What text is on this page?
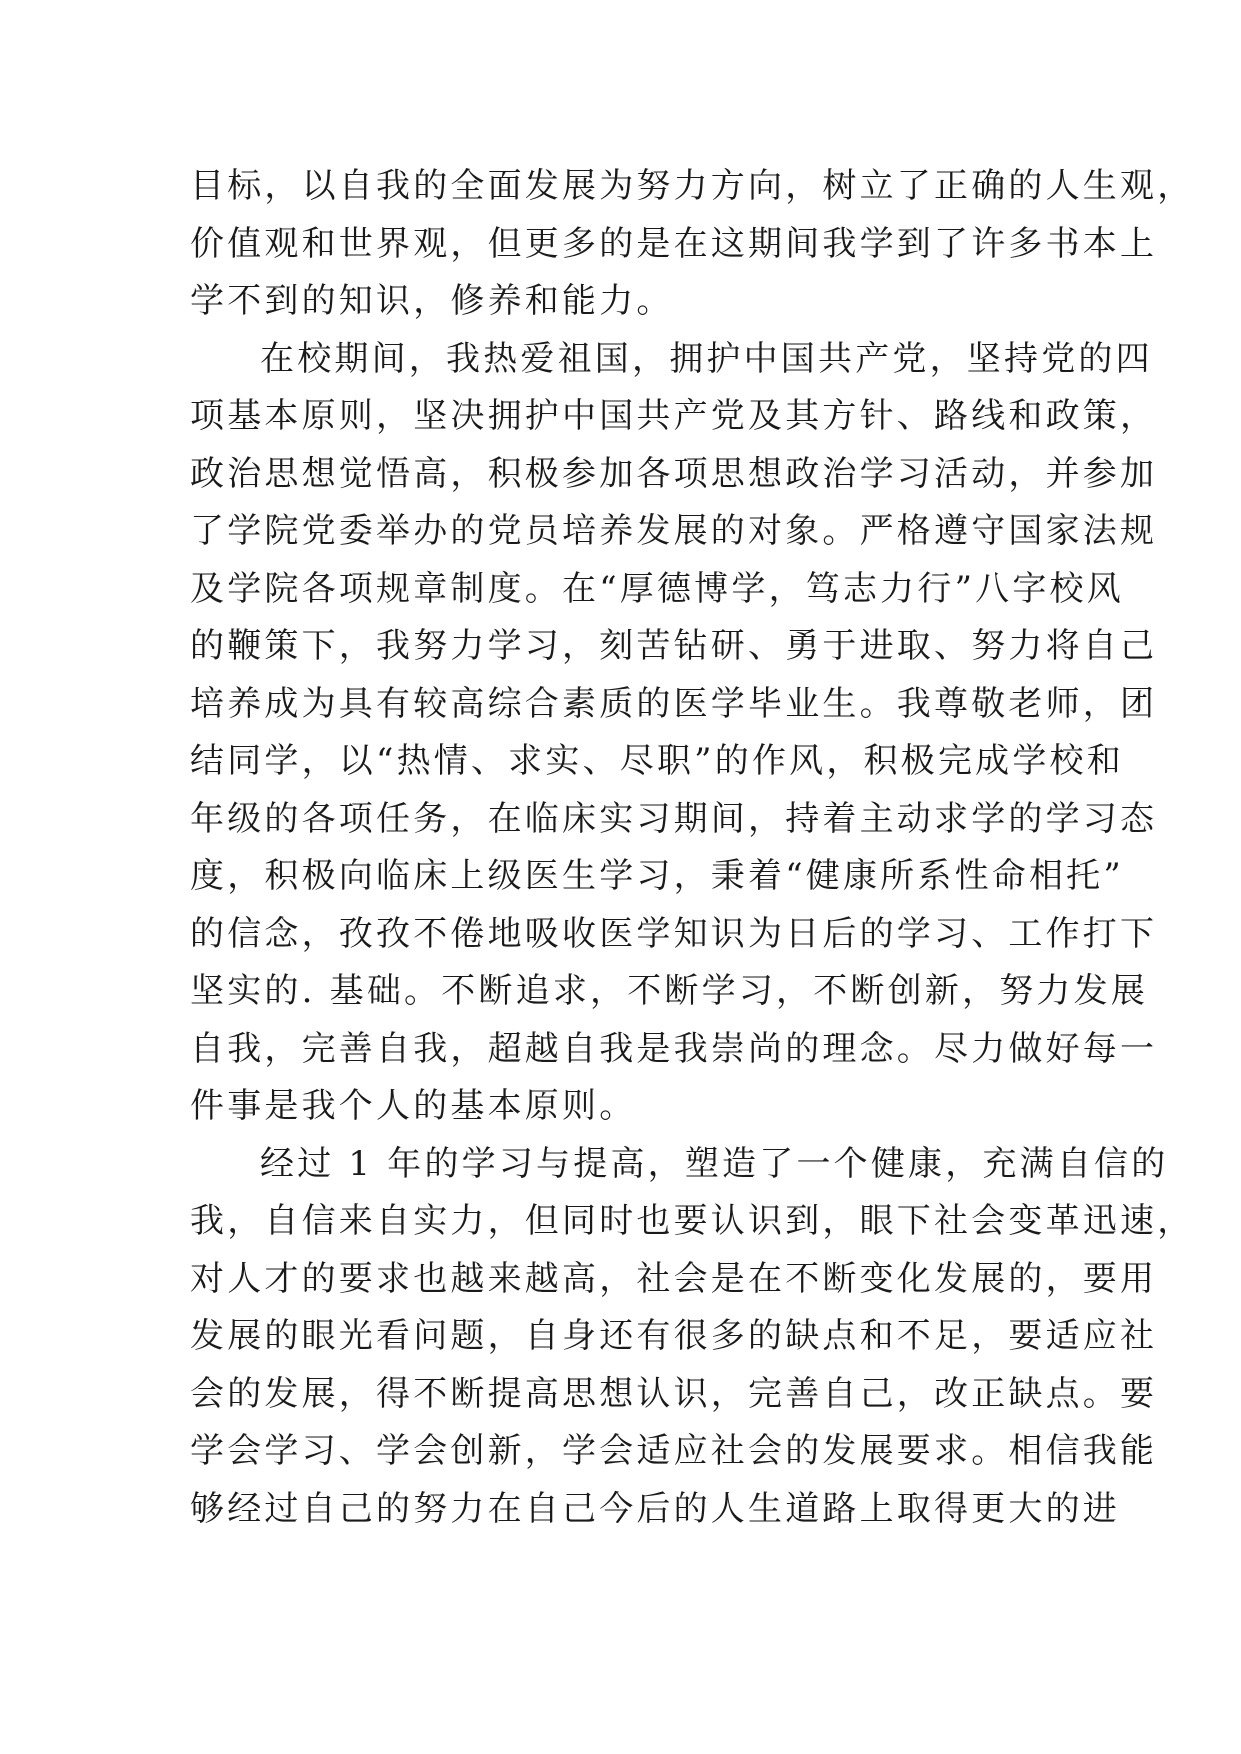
目标，以自我的全面发展为努力方向，树立了正确的人生观，
价值观和世界观，但更多的是在这期间我学到了许多书本上
学不到的知识，修养和能力。
在校期间，我热爱祖国，拥护中国共产党，坚持党的四
项基本原则，坚决拥护中国共产党及其方针、路线和政策，
政治思想觉悟高，积极参加各项思想政治学习活动，并参加
了学院党委举办的党员培养发展的对象。严格遵守国家法规
及学院各项规章制度。在“厚德博学，笃志力行”八字校风
的鞭策下，我努力学习，刻苦钻研、勇于进取、努力将自己
培养成为具有较高综合素质的医学毕业生。我尊敬老师，团
结同学，以“热情、求实、尽职”的作风，积极完成学校和
年级的各项任务，在临床实习期间，持着主动求学的学习态
度，积极向临床上级医生学习，秉着“健康所系性命相托”
的信念，孜孜不倦地吸收医学知识为日后的学习、工作打下
坚实的. 基础。不断追求，不断学习，不断创新，努力发展
自我，完善自我，超越自我是我崇尚的理念。尽力做好每一
件事是我个人的基本原则。
经过 1 年的学习与提高，塑造了一个健康，充满自信的
我，自信来自实力，但同时也要认识到，眼下社会变革迅速，
对人才的要求也越来越高，社会是在不断变化发展的，要用
发展的眼光看问题，自身还有很多的缺点和不足，要适应社
会的发展，得不断提高思想认识，完善自己，改正缺点。要
学会学习、学会创新，学会适应社会的发展要求。相信我能
够经过自己的努力在自己今后的人生道路上取得更大的进
